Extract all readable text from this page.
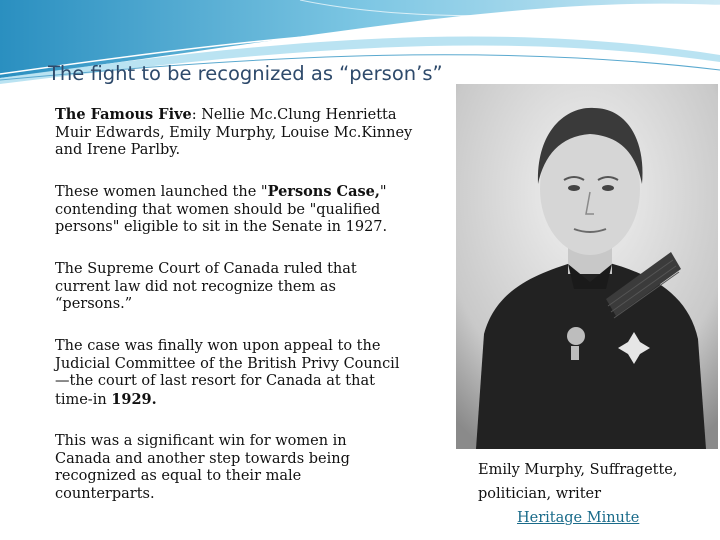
The fight to be recognized as “person’s”

The Famous Five: Nellie Mc.Clung Henrietta Muir Edwards, Emily Murphy, Louise Mc.Kinney and Irene Parlby.

These women launched the "Persons Case," contending that women should be "qualified persons" eligible to sit in the Senate in 1927.

The Supreme Court of Canada ruled that current law did not recognize them as “persons.”

The case was finally won upon appeal to the Judicial Committee of the British Privy Council—the court of last resort for Canada at that time-in 1929.

This was a significant win for women in Canada and another step towards being recognized as equal to their male counterparts.

Emily Murphy, Suffragette, politician, writer
Heritage Minute
